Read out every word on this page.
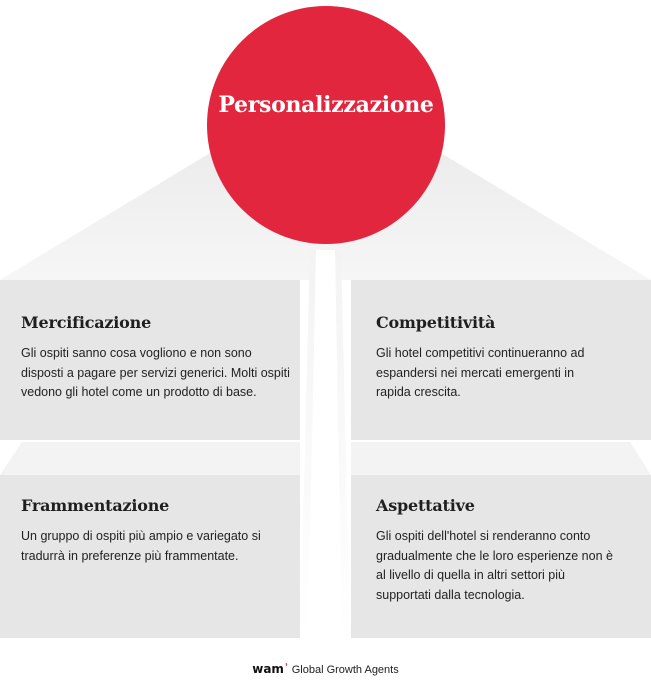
Personalizzazione
Mercificazione

Gli ospiti sanno cosa vogliono e non sono disposti a pagare per servizi generici. Molti ospiti vedono gli hotel come un prodotto di base.

Competitività

Gli hotel competitivi continueranno ad espandersi nei mercati emergenti in rapida crescita.

Frammentazione

Un gruppo di ospiti più ampio e variegato si tradurrà in preferenze più frammentate.

Aspettative

Gli ospiti dell'hotel si renderanno conto gradualmente che le loro esperienze non è al livello di quella in altri settori più supportati dalla tecnologia.

wamʼ Global Growth Agents
